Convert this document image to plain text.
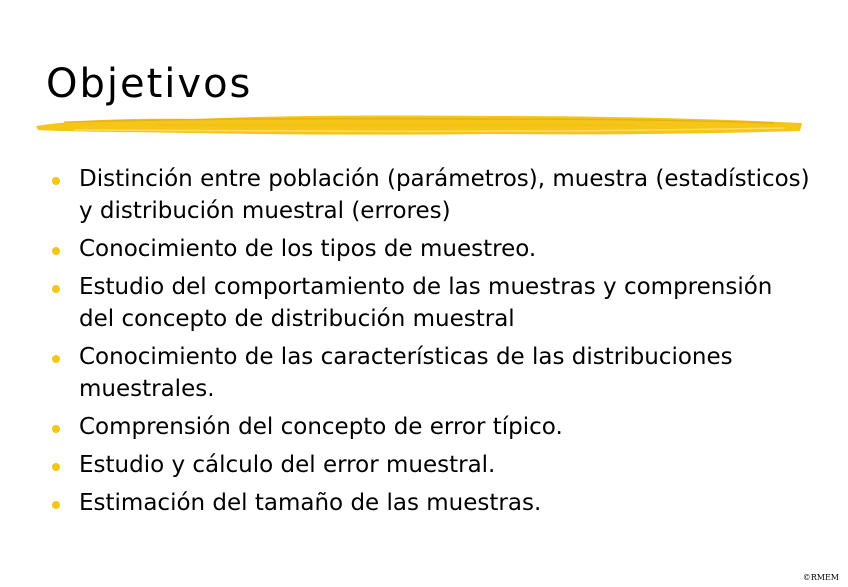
Objetivos
Distinción entre población (parámetros), muestra (estadísticos) y distribución muestral (errores)
Conocimiento de los tipos de muestreo.
Estudio del comportamiento de las muestras y comprensión del concepto de distribución muestral
Conocimiento de las características de las distribuciones muestrales.
Comprensión del concepto de error típico.
Estudio y cálculo del error muestral.
Estimación del tamaño de las muestras.
©RMEM
